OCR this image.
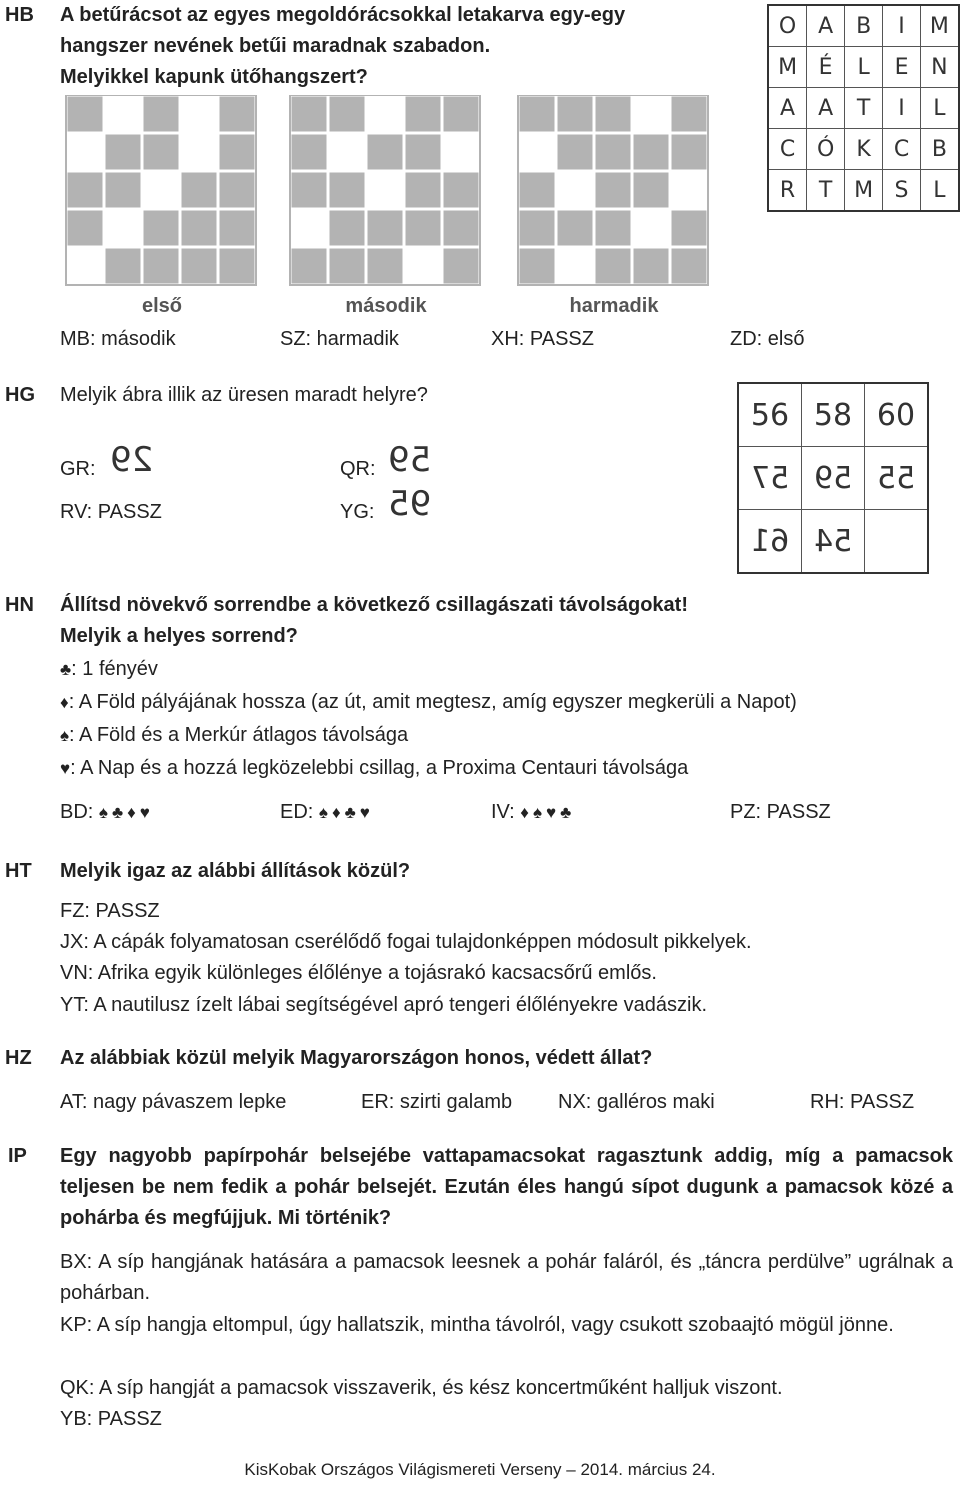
HB A betűrácsot az egyes megoldórácsokkal letakarva egy-egy
hangszer nevének betűi maradnak szabadon.
Melyikkel kapunk ütőhangszert?
O	A	B	I	M
M	É	L	E	N
A	A	T	I	L
C	Ó	K	C	B
R	T	M	S	L
első	második	harmadik
MB: második	SZ: harmadik	XH: PASSZ	ZD: első
HG Melyik ábra illik az üresen maradt helyre?
GR: 29	QR: 59
RV: PASSZ	YG: 95
56	58	60
57	59	55
61	54	
HN Állítsd növekvő sorrendbe a következő csillagászati távolságokat!
Melyik a helyes sorrend?
♣: 1 fényév
♦: A Föld pályájának hossza (az út, amit megtesz, amíg egyszer megkerüli a Napot)
♠: A Föld és a Merkúr átlagos távolsága
♥: A Nap és a hozzá legközelebbi csillag, a Proxima Centauri távolsága
BD: ♠♣♦♥	ED: ♠♦♣♥	IV: ♦♠♥♣	PZ: PASSZ
HT Melyik igaz az alábbi állítások közül?
FZ: PASSZ
JX: A cápák folyamatosan cserélődő fogai tulajdonképpen módosult pikkelyek.
VN: Afrika egyik különleges élőlénye a tojásrakó kacsacsőrű emlős.
YT: A nautilusz ízelt lábai segítségével apró tengeri élőlényekre vadászik.
HZ Az alábbiak közül melyik Magyarországon honos, védett állat?
AT: nagy pávaszem lepke	ER: szirti galamb NX: galléros maki	RH: PASSZ
IP Egy nagyobb papírpohár belsejébe vattapamacsokat ragasztunk addig, míg a pamacsok teljesen be nem fedik a pohár belsejét. Ezután éles hangú sípot dugunk a pamacsok közé a pohárba és megfújjuk. Mi történik?
BX: A síp hangjának hatására a pamacsok leesnek a pohár faláról, és „táncra perdülve” ugrálnak a pohárban.
KP: A síp hangja eltompul, úgy hallatszik, mintha távolról, vagy csukott szobaajtó mögül jönne.
QK: A síp hangját a pamacsok visszaverik, és kész koncertműként halljuk viszont.
YB: PASSZ
KisKobak Országos Világismereti Verseny – 2014. március 24.
